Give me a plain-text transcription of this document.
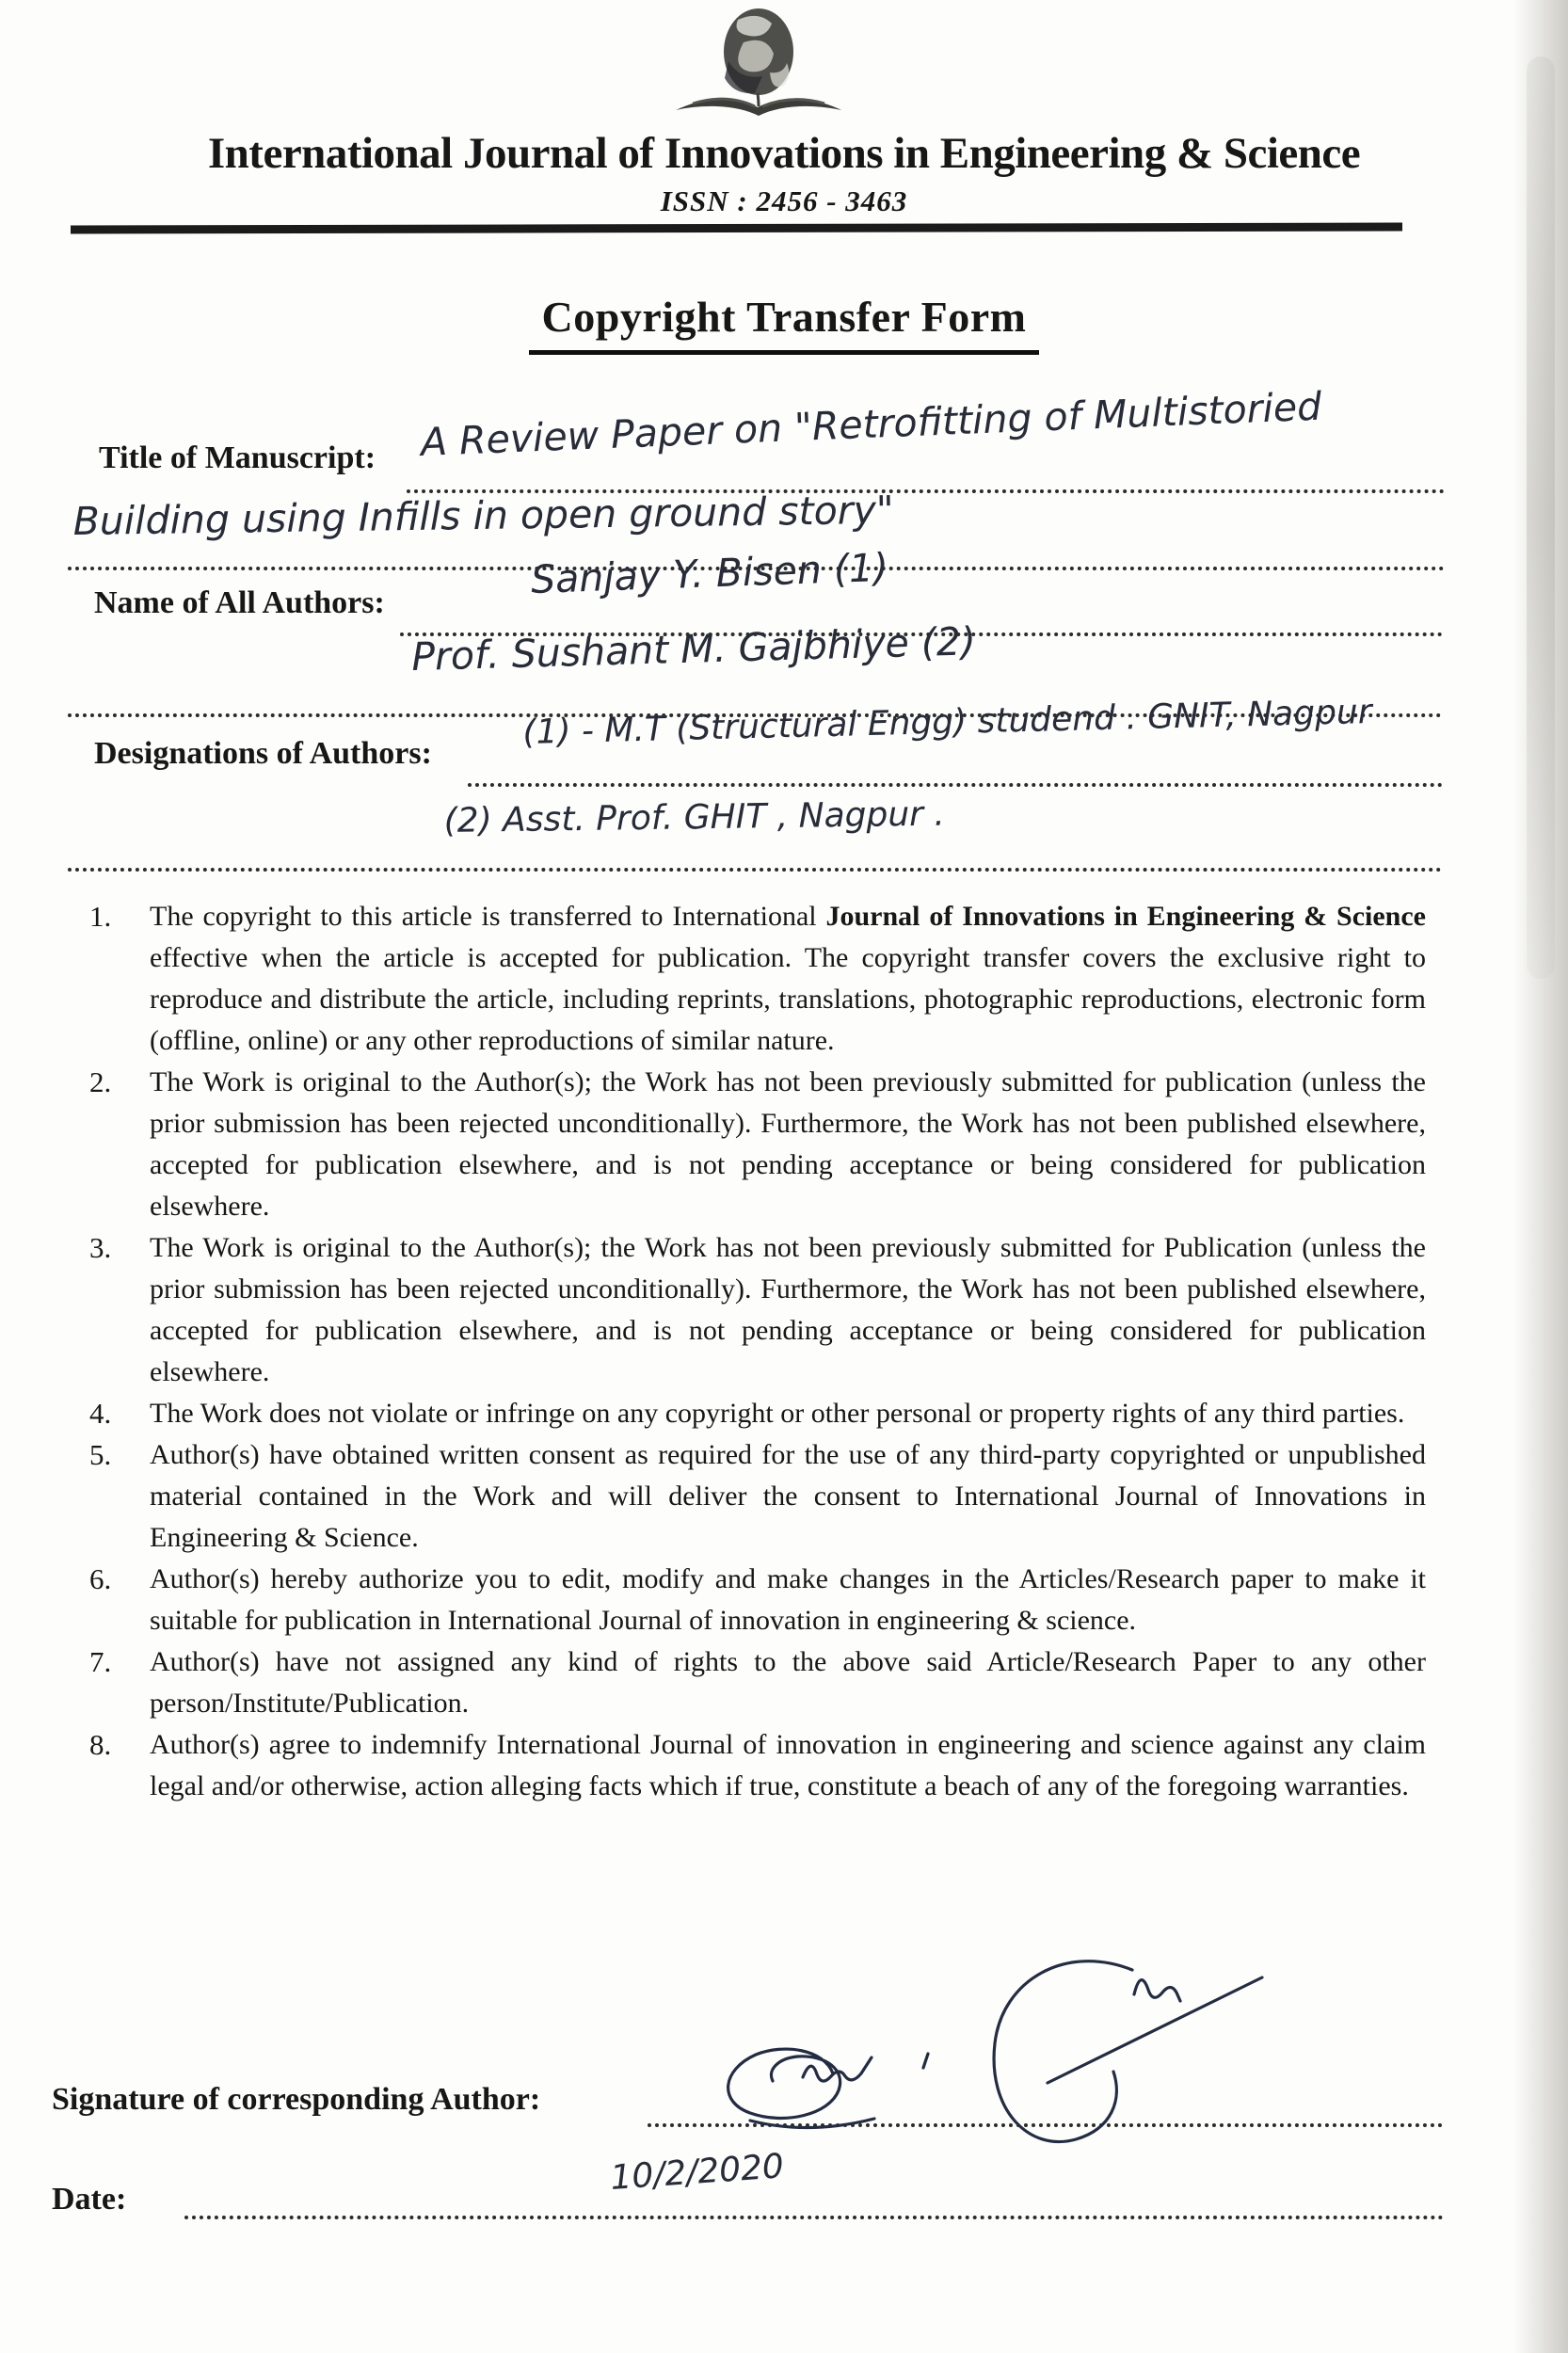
International Journal of Innovations in Engineering & Science
ISSN : 2456 - 3463
Copyright Transfer Form
Title of Manuscript: A Review Paper on "Retrofitting of Multistoried
Building using Infills in open ground story"
Name of All Authors:
Sanjay Y. Bisen (1)
Prof. Sushant M. Gajbhiye (2)
Designations of Authors:
(1) - M.T (Structural Engg) studend . GNIT, Nagpur
(2) Asst. Prof. GHIT , Nagpur .
1.	The copyright to this article is transferred to International Journal of Innovations in Engineering & Science effective when the article is accepted for publication. The copyright transfer covers the exclusive right to reproduce and distribute the article, including reprints, translations, photographic reproductions, electronic form (offline, online) or any other reproductions of similar nature.
2.	The Work is original to the Author(s); the Work has not been previously submitted for publication (unless the prior submission has been rejected unconditionally). Furthermore, the Work has not been published elsewhere, accepted for publication elsewhere, and is not pending acceptance or being considered for publication elsewhere.
3.	The Work is original to the Author(s); the Work has not been previously submitted for Publication (unless the prior submission has been rejected unconditionally). Furthermore, the Work has not been published elsewhere, accepted for publication elsewhere, and is not pending acceptance or being considered for publication elsewhere.
4.	The Work does not violate or infringe on any copyright or other personal or property rights of any third parties.
5.	Author(s) have obtained written consent as required for the use of any third-party copyrighted or unpublished material contained in the Work and will deliver the consent to International Journal of Innovations in Engineering & Science.
6.	Author(s) hereby authorize you to edit, modify and make changes in the Articles/Research paper to make it suitable for publication in International Journal of innovation in engineering & science.
7.	Author(s) have not assigned any kind of rights to the above said Article/Research Paper to any other person/Institute/Publication.
8.	Author(s) agree to indemnify International Journal of innovation in engineering and science against any claim legal and/or otherwise, action alleging facts which if true, constitute a beach of any of the foregoing warranties.
Signature of corresponding Author:
Date:
10/2/2020
